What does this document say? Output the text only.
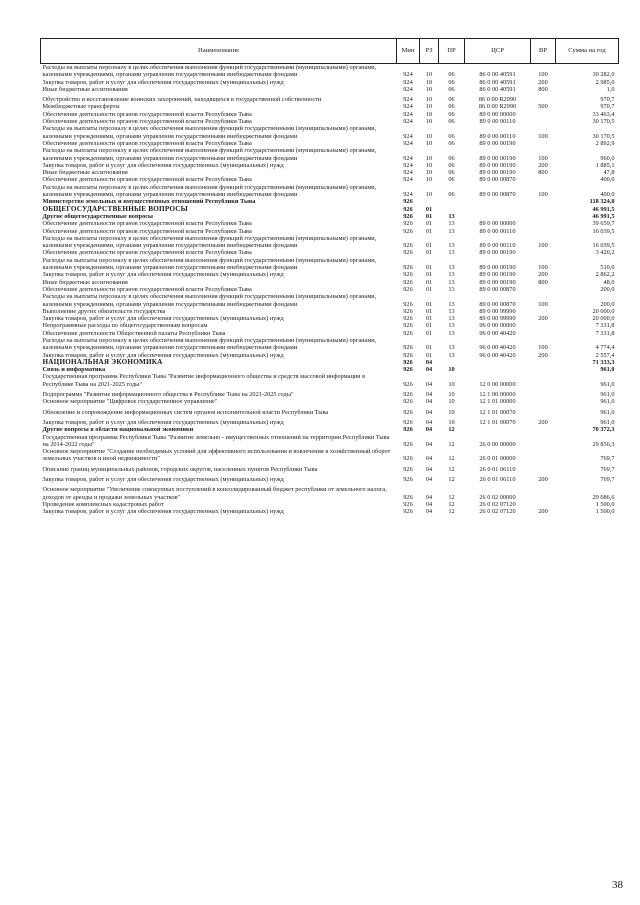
Наименование	Мин	РЗ	ПР	ЦСР	ВР	Сумма на год
Расходы на выплаты персоналу в целях обеспечения выполнения функций государственными (муниципальными) органами, казенными учреждениями, органами управления государственными внебюджетными фондами	924	10	06	86 0 00 40591	100	30 282,0
Закупка товаров, работ и услуг для обеспечения государственных (муниципальных) нужд	924	10	06	86 0 00 40591	200	2 985,0
Иные бюджетные ассигнования	924	10	06	86 0 00 40591	800	1,0
Обустройство и восстановление воинских захоронений, находящихся в государственной собственности	924	10	06	86 0 00 R2990		970,7
Межбюджетные трансферты	924	10	06	86 0 00 R2990	500	970,7
Обеспечение деятельности органов государственной власти Республики Тыва	924	10	06	89 0 00 00000		33 463,4
Обеспечение деятельности органов государственной власти Республики Тыва	924	10	06	89 0 00 00110		30 170,5
Расходы на выплаты персоналу в целях обеспечения выполнения функций государственными (муниципальными) органами, казенными учреждениями, органами управления государственными внебюджетными фондами	924	10	06	89 0 00 00110	100	30 170,5
Обеспечение деятельности органов государственной власти Республики Тыва	924	10	06	89 0 00 00190		2 892,9
Расходы на выплаты персоналу в целях обеспечения выполнения функций государственными (муниципальными) органами, казенными учреждениями, органами управления государственными внебюджетными фондами	924	10	06	89 0 00 00190	100	960,0
Закупка товаров, работ и услуг для обеспечения государственных (муниципальных) нужд	924	10	06	89 0 00 00190	200	1 885,1
Иные бюджетные ассигнования	924	10	06	89 0 00 00190	800	47,8
Обеспечение деятельности органов государственной власти Республики Тыва	924	10	06	89 0 00 00870		400,0
Расходы на выплаты персоналу в целях обеспечения выполнения функций государственными (муниципальными) органами, казенными учреждениями, органами управления государственными внебюджетными фондами	924	10	06	89 0 00 00870	100	400,0
Министерство земельных и имущественных отношений Республики Тыва	926					118 324,8
ОБЩЕГОСУДАРСТВЕННЫЕ ВОПРОСЫ	926	01				46 991,5
Другие общегосударственные вопросы	926	01	13			46 991,5
Обеспечение деятельности органов государственной власти Республики Тыва	926	01	13	89 0 00 00000		39 659,7
Обеспечение деятельности органов государственной власти Республики Тыва	926	01	13	89 0 00 00110		16 039,5
Расходы на выплаты персоналу в целях обеспечения выполнения функций государственными (муниципальными) органами, казенными учреждениями, органами управления государственными внебюджетными фондами	926	01	13	89 0 00 00110	100	16 039,5
Обеспечение деятельности органов государственной власти Республики Тыва	926	01	13	89 0 00 00190		3 420,2
Расходы на выплаты персоналу в целях обеспечения выполнения функций государственными (муниципальными) органами, казенными учреждениями, органами управления государственными внебюджетными фондами	926	01	13	89 0 00 00190	100	510,0
Закупка товаров, работ и услуг для обеспечения государственных (муниципальных) нужд	926	01	13	89 0 00 00190	200	2 862,2
Иные бюджетные ассигнования	926	01	13	89 0 00 00190	800	48,0
Обеспечение деятельности органов государственной власти Республики Тыва	926	01	13	89 0 00 00870		200,0
Расходы на выплаты персоналу в целях обеспечения выполнения функций государственными (муниципальными) органами, казенными учреждениями, органами управления государственными внебюджетными фондами	926	01	13	89 0 00 00870	100	200,0
Выполнение других обязательств государства	926	01	13	89 0 00 99990		20 000,0
Закупка товаров, работ и услуг для обеспечения государственных (муниципальных) нужд	926	01	13	89 0 00 99990	200	20 000,0
Непрограммные расходы по общегосударственным вопросам	926	01	13	96 0 00 00000		7 331,8
Обеспечение деятельности Общественной палаты Республики Тыва	926	01	13	96 0 00 40420		7 331,8
Расходы на выплаты персоналу в целях обеспечения выполнения функций государственными (муниципальными) органами, казенными учреждениями, органами управления государственными внебюджетными фондами	926	01	13	96 0 00 40420	100	4 774,4
Закупка товаров, работ и услуг для обеспечения государственных (муниципальных) нужд	926	01	13	96 0 00 40420	200	2 557,4
НАЦИОНАЛЬНАЯ ЭКОНОМИКА	926	04				71 333,3
Связь и информатика	926	04	10			961,0
Государственная программа Республики Тыва "Развитие информационного общества и средств массовой информации в Республике Тыва на 2021-2025 годы"	926	04	10	12 0 00 00000		961,0
Подпрограмма "Развитие информационного общества в Республике Тыва на 2021-2025 годы"	926	04	10	12 1 00 00000		961,0
Основное мероприятие "Цифровое государственное управление"	926	04	10	12 1 01 00000		961,0
Обновление и сопровождение информационных систем органов исполнительной власти Республики Тыва	926	04	10	12 1 01 00070		961,0
Закупка товаров, работ и услуг для обеспечения государственных (муниципальных) нужд	926	04	10	12 1 01 00070	200	961,0
Другие вопросы в области национальной экономики	926	04	12			70 372,3
Государственная программа Республики Тыва "Развитие земельно - имущественных отношений на территории Республики Тыва на 2014-2022 годы"	926	04	12	26 0 00 00000		29 856,3
Основное мероприятие "Создание необходимых условий для эффективного использования и вовлечения в хозяйственный оборот земельных участков и иной недвижимости"	926	04	12	26 0 01 00000		769,7
Описание границ муниципальных районов, городских округов, населенных пунктов Республики Тыва	926	04	12	26 0 01 06110		769,7
Закупка товаров, работ и услуг для обеспечения государственных (муниципальных) нужд	926	04	12	26 0 01 06110	200	769,7
Основное мероприятие "Увеличение совокупных поступлений в консолидированный бюджет республики от земельного налога, доходов от аренды и продажи земельных участков"	926	04	12	26 0 02 00000		29 086,6
Проведение комплексных кадастровых работ	926	04	12	26 0 02 07120		1 500,0
Закупка товаров, работ и услуг для обеспечения государственных (муниципальных) нужд	926	04	12	26 0 02 07120	200	1 500,0
38
